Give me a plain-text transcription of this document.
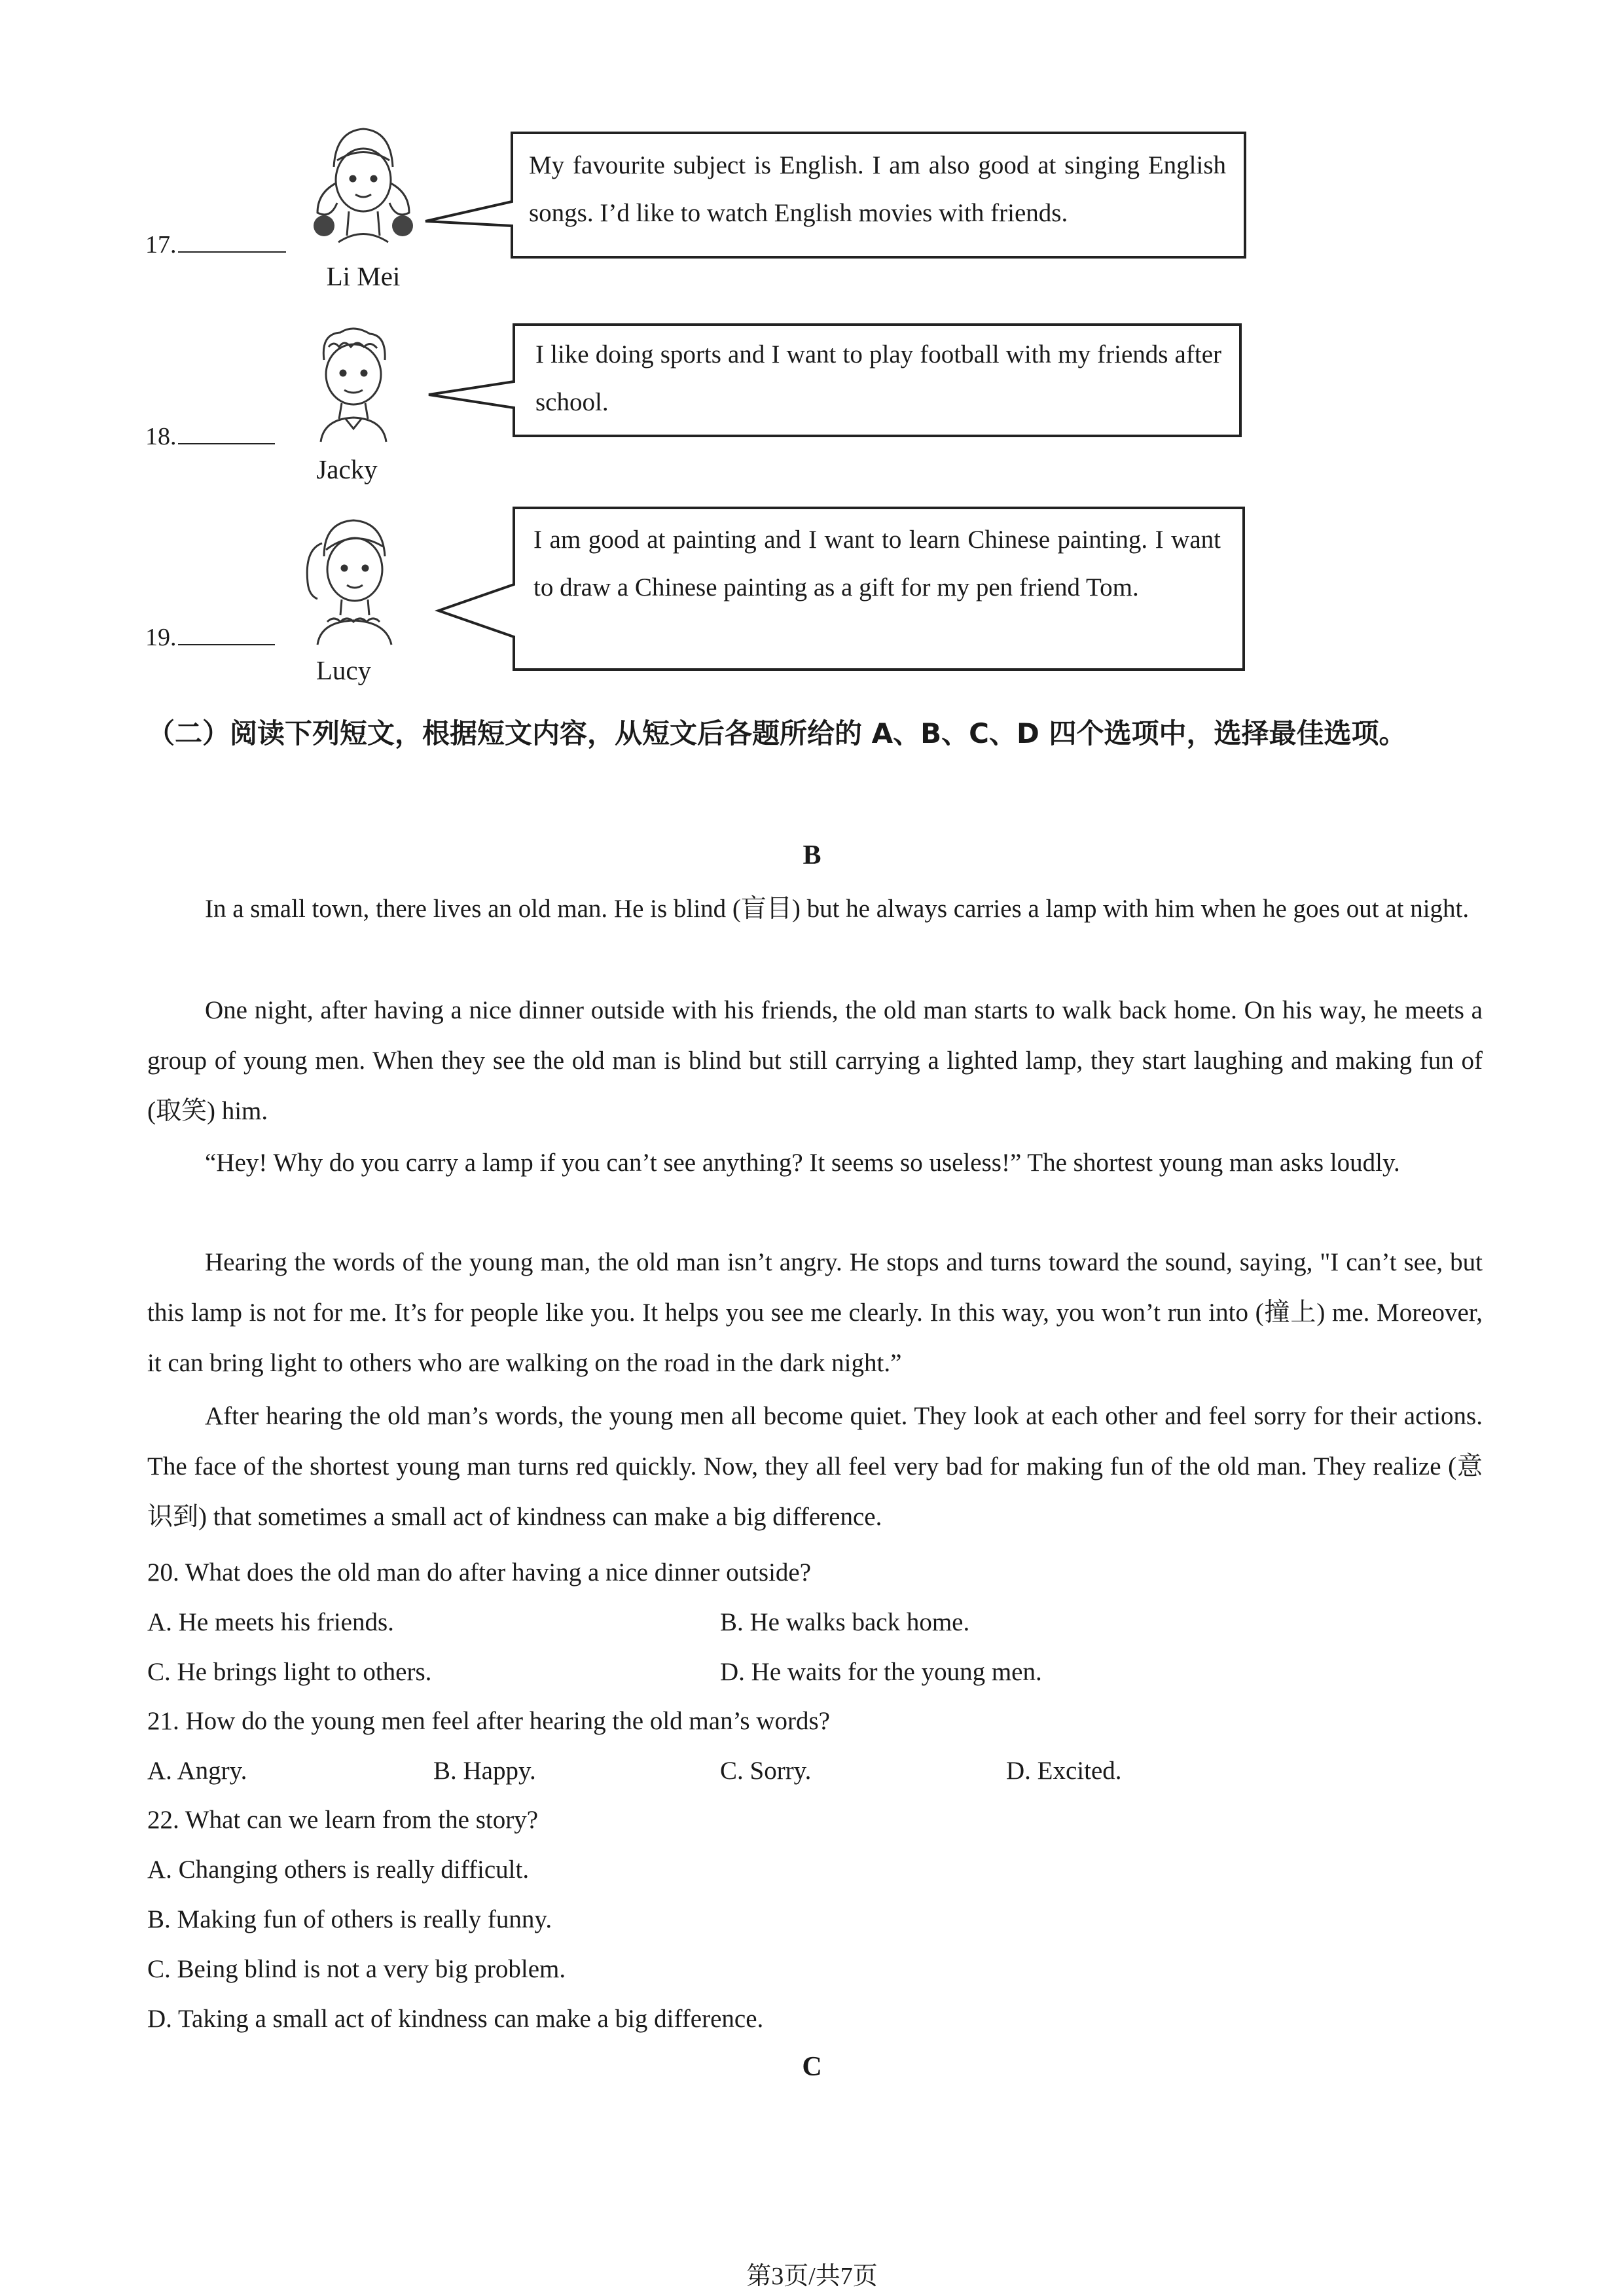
17.
Li Mei
My favourite subject is English. I am also good at singing English songs. I’d like to watch English movies with friends.
18.
Jacky
I like doing sports and I want to play football with my friends after school.
19.
Lucy
I am good at painting and I want to learn Chinese painting. I want to draw a Chinese painting as a gift for my pen friend Tom.
（二）阅读下列短文，根据短文内容，从短文后各题所给的 A、B、C、D 四个选项中，选择最佳选项。
B

In a small town, there lives an old man. He is blind (盲目) but he always carries a lamp with him when he goes out at night.

One night, after having a nice dinner outside with his friends, the old man starts to walk back home. On his way, he meets a group of young men. When they see the old man is blind but still carrying a lighted lamp, they start laughing and making fun of (取笑) him.

“Hey! Why do you carry a lamp if you can’t see anything? It seems so useless!” The shortest young man asks loudly.

Hearing the words of the young man, the old man isn’t angry. He stops and turns toward the sound, saying, "I can’t see, but this lamp is not for me. It’s for people like you. It helps you see me clearly. In this way, you won’t run into (撞上) me. Moreover, it can bring light to others who are walking on the road in the dark night.”

After hearing the old man’s words, the young men all become quiet. They look at each other and feel sorry for their actions. The face of the shortest young man turns red quickly. Now, they all feel very bad for making fun of the old man. They realize (意识到) that sometimes a small act of kindness can make a big difference.

20. What does the old man do after having a nice dinner outside?
A. He meets his friends.	B. He walks back home.
C. He brings light to others.	D. He waits for the young men.
21. How do the young men feel after hearing the old man’s words?
A. Angry.	B. Happy.	C. Sorry.	D. Excited.
22. What can we learn from the story?
A. Changing others is really difficult.
B. Making fun of others is really funny.
C. Being blind is not a very big problem.
D. Taking a small act of kindness can make a big difference.
C
第3页/共7页
